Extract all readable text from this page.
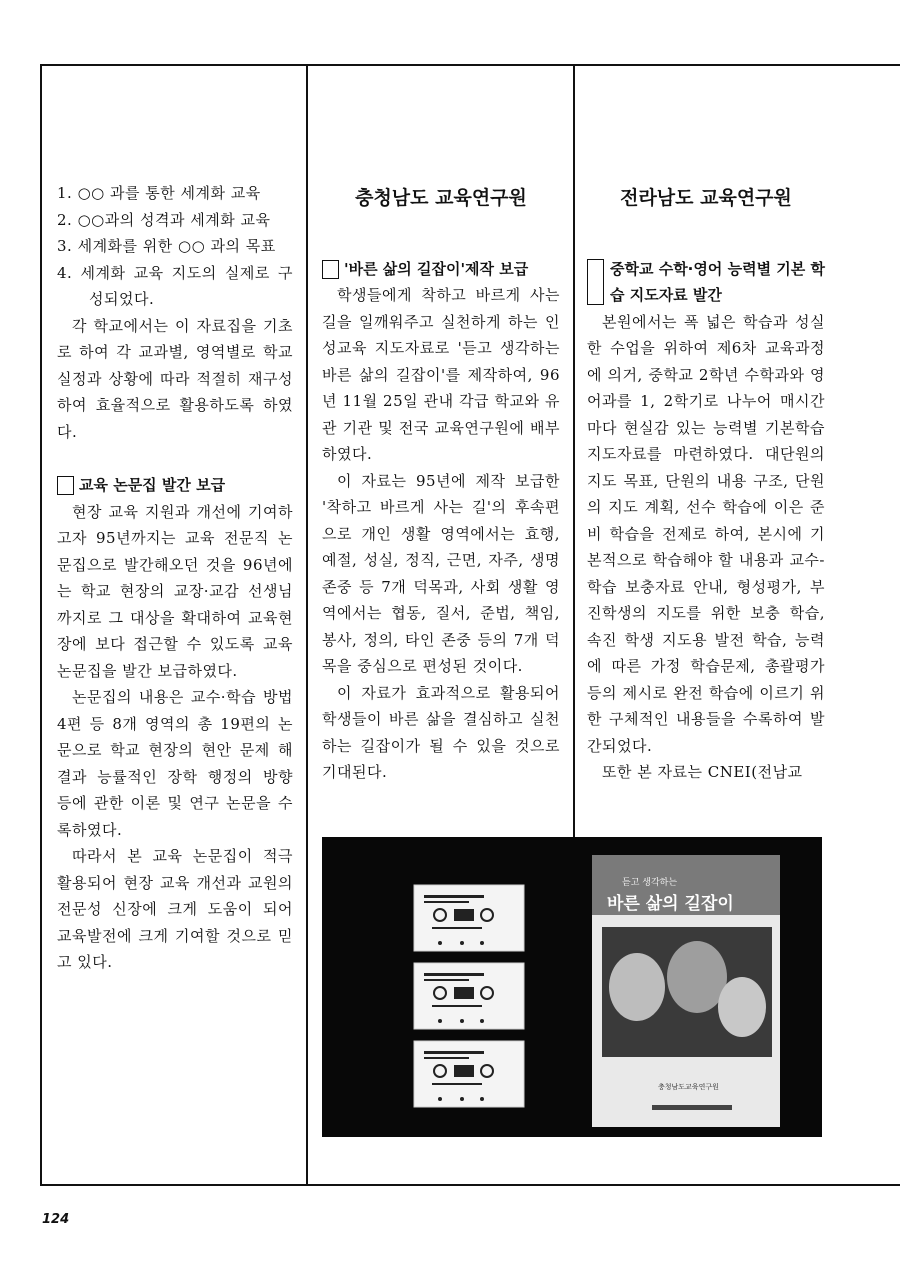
1. ○○ 과를 통한 세계화 교육
2. ○○과의 성격과 세계화 교육
3. 세계화를 위한 ○○ 과의 목표
4. 세계화 교육 지도의 실제로 구성되었다.

각 학교에서는 이 자료집을 기초로 하여 각 교과별, 영역별로 학교 실정과 상황에 따라 적절히 재구성하여 효율적으로 활용하도록 하였다.

교육 논문집 발간 보급

현장 교육 지원과 개선에 기여하고자 95년까지는 교육 전문직 논문집으로 발간해오던 것을 96년에는 학교 현장의 교장·교감 선생님까지로 그 대상을 확대하여 교육현장에 보다 접근할 수 있도록 교육 논문집을 발간 보급하였다.

논문집의 내용은 교수·학습 방법 4편 등 8개 영역의 총 19편의 논문으로 학교 현장의 현안 문제 해결과 능률적인 장학 행정의 방향 등에 관한 이론 및 연구 논문을 수록하였다.

따라서 본 교육 논문집이 적극 활용되어 현장 교육 개선과 교원의 전문성 신장에 크게 도움이 되어 교육발전에 크게 기여할 것으로 믿고 있다.

충청남도 교육연구원
'바른 삶의 길잡이'제작 보급

학생들에게 착하고 바르게 사는 길을 일깨워주고 실천하게 하는 인성교육 지도자료로 '듣고 생각하는 바른 삶의 길잡이'를 제작하여, 96년 11월 25일 관내 각급 학교와 유관 기관 및 전국 교육연구원에 배부하였다.

이 자료는 95년에 제작 보급한 '착하고 바르게 사는 길'의 후속편으로 개인 생활 영역에서는 효행, 예절, 성실, 정직, 근면, 자주, 생명 존중 등 7개 덕목과, 사회 생활 영역에서는 협동, 질서, 준법, 책임, 봉사, 정의, 타인 존중 등의 7개 덕목을 중심으로 편성된 것이다.

이 자료가 효과적으로 활용되어 학생들이 바른 삶을 결심하고 실천하는 길잡이가 될 수 있을 것으로 기대된다.

전라남도 교육연구원
중학교 수학·영어 능력별 기본 학습 지도자료 발간

본원에서는 폭 넓은 학습과 성실한 수업을 위하여 제6차 교육과정에 의거, 중학교 2학년 수학과와 영어과를 1, 2학기로 나누어 매시간마다 현실감 있는 능력별 기본학습 지도자료를 마련하였다. 대단원의 지도 목표, 단원의 내용 구조, 단원의 지도 계획, 선수 학습에 이은 준비 학습을 전제로 하여, 본시에 기본적으로 학습해야 할 내용과 교수-학습 보충자료 안내, 형성평가, 부진학생의 지도를 위한 보충 학습, 속진 학생 지도용 발전 학습, 능력에 따른 가정 학습문제, 총괄평가 등의 제시로 완전 학습에 이르기 위한 구체적인 내용들을 수록하여 발간되었다.

또한 본 자료는 CNEI(전남교

듣고 생각하는
바른 삶의 길잡이
충청남도교육연구원
124
